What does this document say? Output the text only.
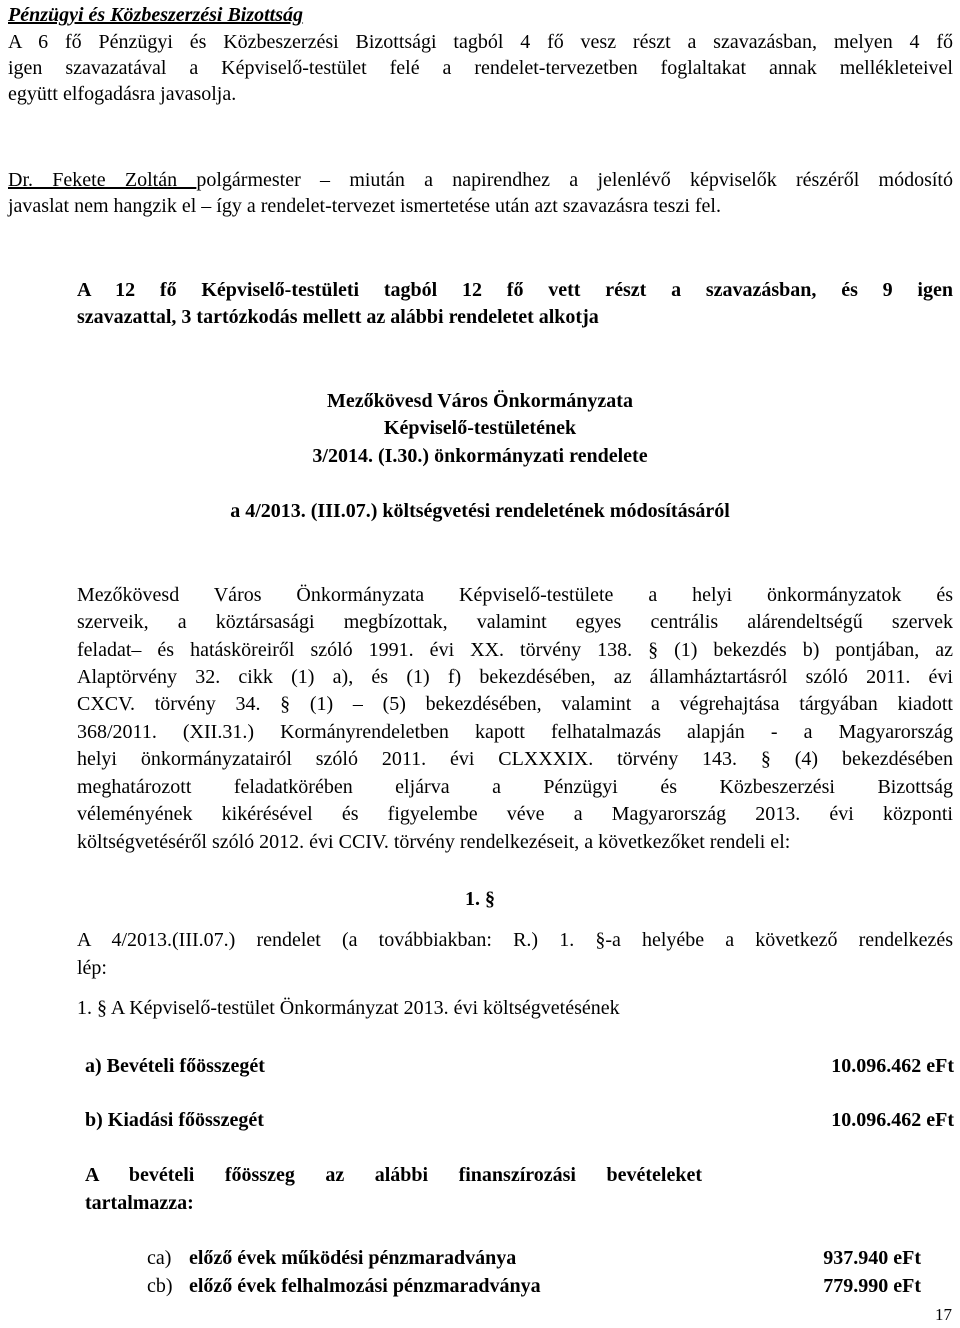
Pénzügyi és Közbeszerzési Bizottság
A 6 fő Pénzügyi és Közbeszerzési Bizottsági tagból 4 fő vesz részt a szavazásban, melyen 4 fő
igen szavazatával a Képviselő-testület felé a rendelet-tervezetben foglaltakat annak mellékleteivel
együtt elfogadásra javasolja.
Dr. Fekete Zoltán polgármester – miután a napirendhez a jelenlévő képviselők részéről módosító
javaslat nem hangzik el – így a rendelet-tervezet ismertetése után azt szavazásra teszi fel.
A 12 fő Képviselő-testületi tagból 12 fő vett részt a szavazásban, és 9 igen
szavazattal, 3 tartózkodás mellett az alábbi rendeletet alkotja
Mezőkövesd Város Önkormányzata
Képviselő-testületének
3/2014. (I.30.) önkormányzati rendelete
a 4/2013. (III.07.) költségvetési rendeletének módosításáról
Mezőkövesd Város Önkormányzata Képviselő-testülete a helyi önkormányzatok és
szerveik, a köztársasági megbízottak, valamint egyes centrális alárendeltségű szervek
feladat– és hatásköreiről szóló 1991. évi XX. törvény 138. § (1) bekezdés b) pontjában, az
Alaptörvény 32. cikk (1) a), és (1) f) bekezdésében, az államháztartásról szóló 2011. évi
CXCV. törvény 34. § (1) – (5) bekezdésében, valamint a végrehajtása tárgyában kiadott
368/2011. (XII.31.) Kormányrendeletben kapott felhatalmazás alapján - a Magyarország
helyi önkormányzatairól szóló 2011. évi CLXXXIX. törvény 143. § (4) bekezdésében
meghatározott feladatkörében eljárva a Pénzügyi és Közbeszerzési Bizottság
véleményének kikérésével és figyelembe véve a Magyarország 2013. évi központi
költségvetéséről szóló 2012. évi CCIV. törvény rendelkezéseit, a következőket rendeli el:
1. §
A 4/2013.(III.07.) rendelet (a továbbiakban: R.) 1. §-a helyébe a következő rendelkezés
lép:
1. § A Képviselő-testület Önkormányzat 2013. évi költségvetésének
a) Bevételi főösszegét	10.096.462 eFt
b) Kiadási főösszegét	10.096.462 eFt
A bevételi főösszeg az alábbi finanszírozási bevételeket
tartalmazza:
ca) előző évek működési pénzmaradványa	937.940 eFt
cb) előző évek felhalmozási pénzmaradványa	779.990 eFt
17
